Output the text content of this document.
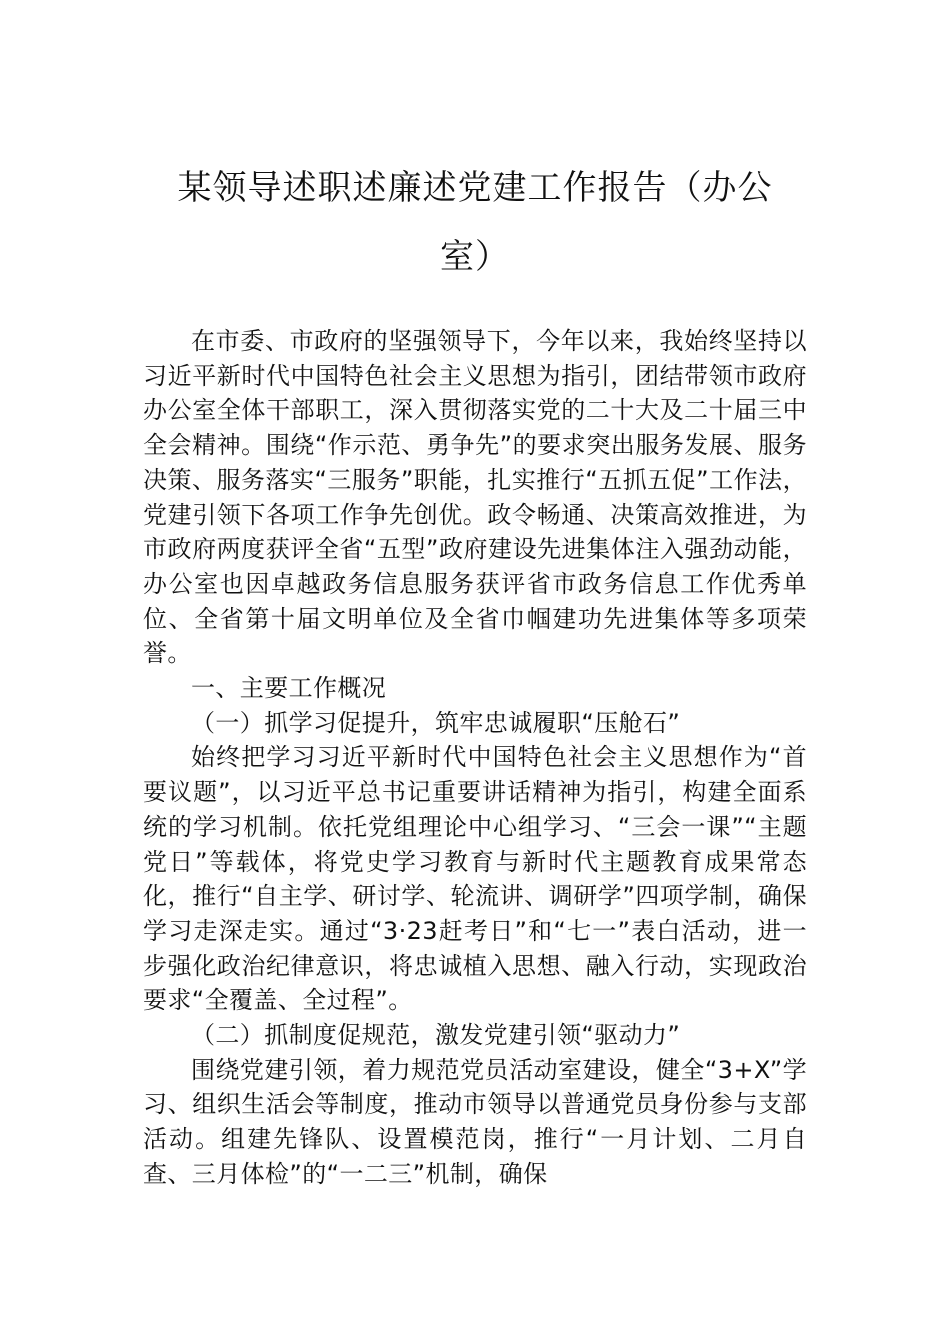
某领导述职述廉述党建工作报告（办公
室）

在市委、市政府的坚强领导下，今年以来，我始终坚持以习近平新时代中国特色社会主义思想为指引，团结带领市政府办公室全体干部职工，深入贯彻落实党的二十大及二十届三中全会精神。围绕“作示范、勇争先”的要求突出服务发展、服务决策、服务落实“三服务”职能，扎实推行“五抓五促”工作法，党建引领下各项工作争先创优。政令畅通、决策高效推进，为市政府两度获评全省“五型”政府建设先进集体注入强劲动能，办公室也因卓越政务信息服务获评省市政务信息工作优秀单位、全省第十届文明单位及全省巾帼建功先进集体等多项荣誉。

一、主要工作概况

（一）抓学习促提升，筑牢忠诚履职“压舱石”

始终把学习习近平新时代中国特色社会主义思想作为“首要议题”，以习近平总书记重要讲话精神为指引，构建全面系统的学习机制。依托党组理论中心组学习、“三会一课”“主题党日”等载体，将党史学习教育与新时代主题教育成果常态化，推行“自主学、研讨学、轮流讲、调研学”四项学制，确保学习走深走实。通过“3·23赶考日”和“七一”表白活动，进一步强化政治纪律意识，将忠诚植入思想、融入行动，实现政治要求“全覆盖、全过程”。

（二）抓制度促规范，激发党建引领“驱动力”

围绕党建引领，着力规范党员活动室建设，健全“3+X”学习、组织生活会等制度，推动市领导以普通党员身份参与支部活动。组建先锋队、设置模范岗，推行“一月计划、二月自查、三月体检”的“一二三”机制，确保
